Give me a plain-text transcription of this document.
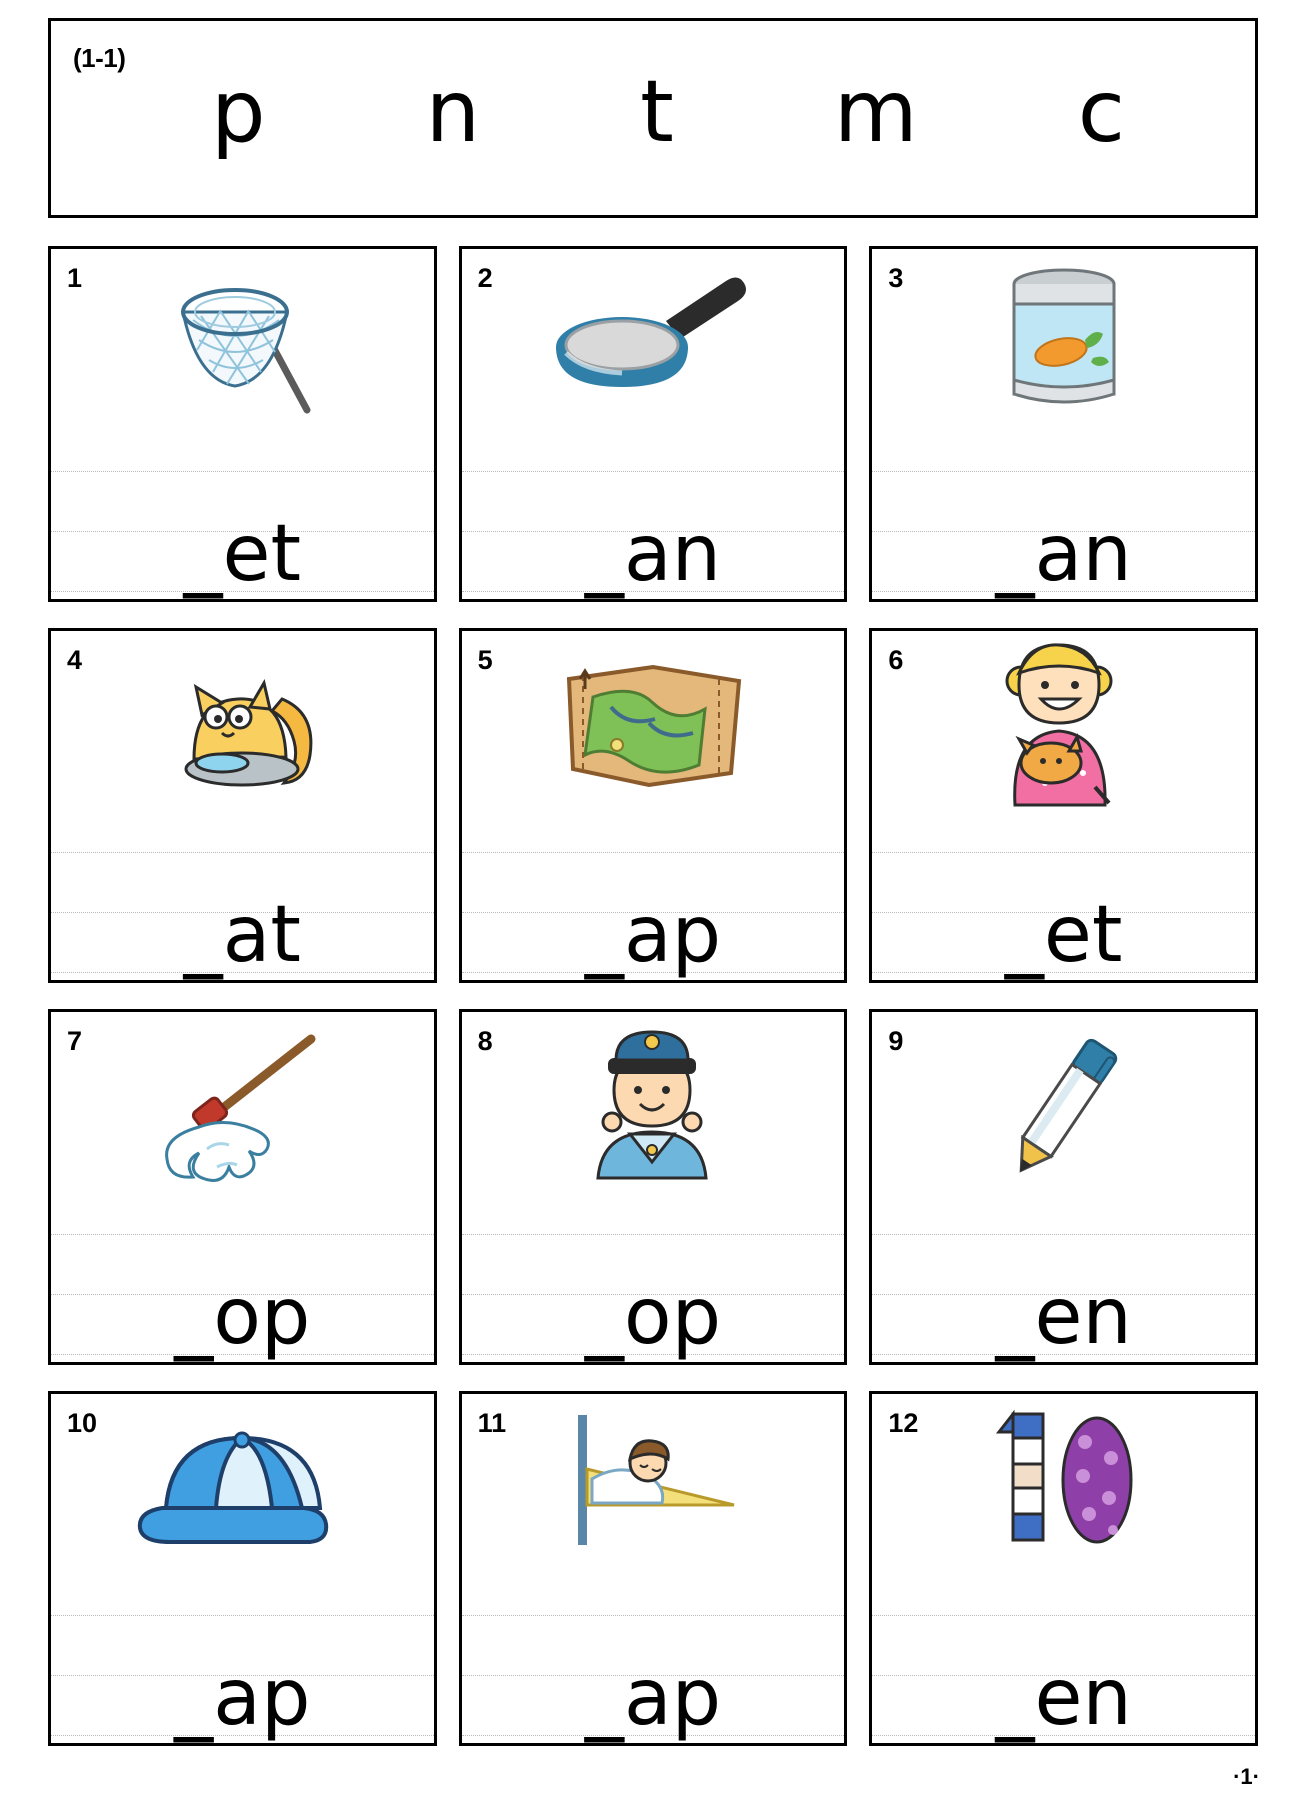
(1-1)
p n t m c
1
_et
2
_an
3
_an
4
_at
5
_ap
6
_et
7
_op
8
_op
9
_en
10
_ap
11
_ap
12
_en
·1·
